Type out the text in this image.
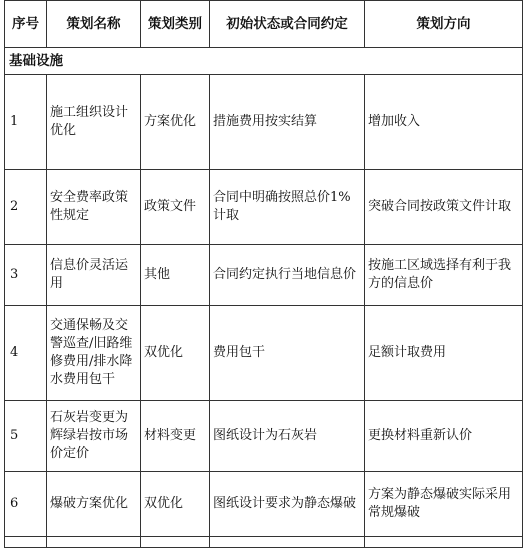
序号	策划名称	策划类别	初始状态或合同约定	策划方向
基础设施				
1	施工组织设计优化	方案优化	措施费用按实结算	增加收入
2	安全费率政策性规定	政策文件	合同中明确按照总价1%计取	突破合同按政策文件计取
3	信息价灵活运用	其他	合同约定执行当地信息价	按施工区域选择有利于我方的信息价
4	交通保畅及交警巡查/旧路维修费用/排水降水费用包干	双优化	费用包干	足额计取费用
5	石灰岩变更为辉绿岩按市场价定价	材料变更	图纸设计为石灰岩	更换材料重新认价
6	爆破方案优化	双优化	图纸设计要求为静态爆破	方案为静态爆破实际采用常规爆破
